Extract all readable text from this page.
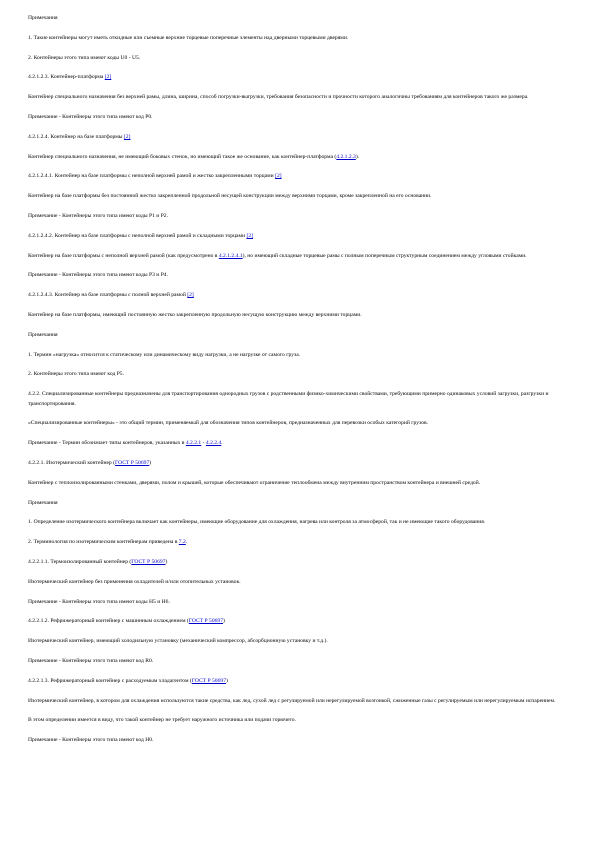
Примечания

1. Такие контейнеры могут иметь откидные или съемные верхние торцевые поперечные элементы над дверными торцевыми дверями.

2. Контейнеры этого типа имеют коды U0 - U5.

4.2.1.2.3. Контейнер-платформа [2]

Контейнер специального назначения без верхней рамы, длина, ширина, способ погрузки-выгрузки, требования безопасности и прочности которого аналогичны требованиям для контейнеров такого же размера.

Примечание - Контейнеры этого типа имеют код P0.

4.2.1.2.4. Контейнер на базе платформы [2]

Контейнер специального назначения, не имеющий боковых стенок, но имеющий такое же основание, как контейнер-платформа (4.2.1.2.3).

4.2.1.2.4.1. Контейнер на базе платформы с неполной верхней рамой и жестко закрепленными торцами [2]

Контейнер на базе платформы без постоянной жестко закрепленной продольной несущей конструкции между верхними торцами, кроме закрепленной на его основании.

Примечание - Контейнеры этого типа имеют коды P1 и P2.

4.2.1.2.4.2. Контейнер на базе платформы с неполной верхней рамой и складными торцами [2]

Контейнер на базе платформы с неполной верхней рамой (как предусмотрено в 4.2.1.2.4.1), но имеющий складные торцевые рамы с полным поперечным структурным соединением между угловыми стойками.

Примечание - Контейнеры этого типа имеют коды P3 и P4.

4.2.1.2.4.3. Контейнер на базе платформы с полной верхней рамой [2]

Контейнер на базе платформы, имеющий постоянную жестко закрепленную продольную несущую конструкцию между верхними торцами.

Примечания

1. Термин «нагрузка» относится к статическому или динамическому виду нагрузки, а не нагрузке от самого груза.

2. Контейнеры этого типа имеют код P5.

4.2.2. Специализированные контейнеры предназначены для транспортирования однородных грузов с родственными физико-химическими свойствами, требующими примерно одинаковых условий загрузки, разгрузки и транспортирования.

«Специализированные контейнеры» - это общий термин, применяемый для обозначения типов контейнеров, предназначенных для перевозки особых категорий грузов.

Примечание - Термин обозначает типы контейнеров, указанных в 4.2.2.1 - 4.2.2.4.

4.2.2.1. Изотермический контейнер (ГОСТ Р 50697)

Контейнер с теплоизолированными стенками, дверями, полом и крышей, которые обеспечивают ограничение теплообмена между внутренним пространством контейнера и внешней средой.

Примечания

1. Определение изотермического контейнера включает как контейнеры, имеющие оборудование для охлаждения, нагрева или контроля за атмосферой, так и не имеющие такого оборудования.

2. Терминология по изотермическим контейнерам приведена в 7.2.

4.2.2.1.1. Термоизолированный контейнер (ГОСТ Р 50697)

Изотермический контейнер без применения охладителей и/или отопительных установок.

Примечание - Контейнеры этого типа имеют коды H5 и H6.

4.2.2.1.2. Рефрижераторный контейнер с машинным охлаждением (ГОСТ Р 50697)

Изотермический контейнер, имеющий холодильную установку (механический компрессор, абсорбционную установку и т.д.).

Примечание - Контейнеры этого типа имеют код R0.

4.2.2.1.3. Рефрижераторный контейнер с расходуемым хладагентом (ГОСТ Р 50697)

Изотермический контейнер, в котором для охлаждения используются такие средства, как лед, сухой лед с регулируемой или нерегулируемой возгонкой, сжиженные газы с регулируемым или нерегулируемым испарением.

В этом определении имеется в виду, что такой контейнер не требует наружного источника или подачи горючего.

Примечание - Контейнеры этого типа имеют код H0.
